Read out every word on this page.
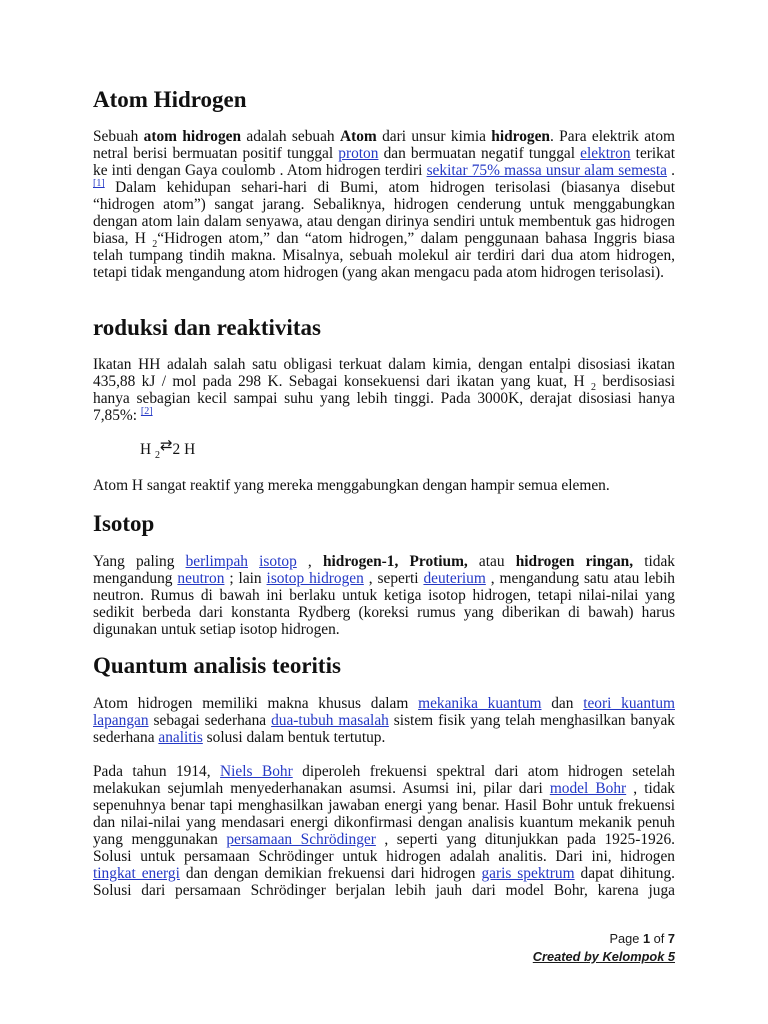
Atom Hidrogen
Sebuah atom hidrogen adalah sebuah Atom dari unsur kimia hidrogen. Para elektrik atom
netral berisi bermuatan positif tunggal proton dan bermuatan negatif tunggal elektron terikat
ke inti dengan Gaya coulomb . Atom hidrogen terdiri sekitar 75% massa unsur alam semesta .
[1] Dalam kehidupan sehari-hari di Bumi, atom hidrogen terisolasi (biasanya disebut
“hidrogen atom”) sangat jarang. Sebaliknya, hidrogen cenderung untuk menggabungkan
dengan atom lain dalam senyawa, atau dengan dirinya sendiri untuk membentuk gas hidrogen
biasa, H $_2$“Hidrogen atom,” dan “atom hidrogen,” dalam penggunaan bahasa Inggris biasa
telah tumpang tindih makna. Misalnya, sebuah molekul air terdiri dari dua atom hidrogen,
tetapi tidak mengandung atom hidrogen (yang akan mengacu pada atom hidrogen terisolasi).
roduksi dan reaktivitas
Ikatan HH adalah salah satu obligasi terkuat dalam kimia, dengan entalpi disosiasi ikatan
435,88 kJ / mol pada 298 K. Sebagai konsekuensi dari ikatan yang kuat, H $_2$ berdisosiasi
hanya sebagian kecil sampai suhu yang lebih tinggi. Pada 3000K, derajat disosiasi hanya
7,85%: [2]
H $_2$⇄2 H
Atom H sangat reaktif yang mereka menggabungkan dengan hampir semua elemen.
Isotop
Yang paling berlimpah isotop , hidrogen-1, Protium, atau hidrogen ringan, tidak
mengandung neutron ; lain isotop hidrogen , seperti deuterium , mengandung satu atau lebih
neutron. Rumus di bawah ini berlaku untuk ketiga isotop hidrogen, tetapi nilai-nilai yang
sedikit berbeda dari konstanta Rydberg (koreksi rumus yang diberikan di bawah) harus
digunakan untuk setiap isotop hidrogen.
Quantum analisis teoritis
Atom hidrogen memiliki makna khusus dalam mekanika kuantum dan teori kuantum
lapangan sebagai sederhana dua-tubuh masalah sistem fisik yang telah menghasilkan banyak
sederhana analitis solusi dalam bentuk tertutup.
Pada tahun 1914, Niels Bohr diperoleh frekuensi spektral dari atom hidrogen setelah
melakukan sejumlah menyederhanakan asumsi. Asumsi ini, pilar dari model Bohr , tidak
sepenuhnya benar tapi menghasilkan jawaban energi yang benar. Hasil Bohr untuk frekuensi
dan nilai-nilai yang mendasari energi dikonfirmasi dengan analisis kuantum mekanik penuh
yang menggunakan persamaan Schrödinger , seperti yang ditunjukkan pada 1925-1926.
Solusi untuk persamaan Schrödinger untuk hidrogen adalah analitis. Dari ini, hidrogen
tingkat energi dan dengan demikian frekuensi dari hidrogen garis spektrum dapat dihitung.
Solusi dari persamaan Schrödinger berjalan lebih jauh dari model Bohr, karena juga
Page 1 of 7
Created by Kelompok 5
